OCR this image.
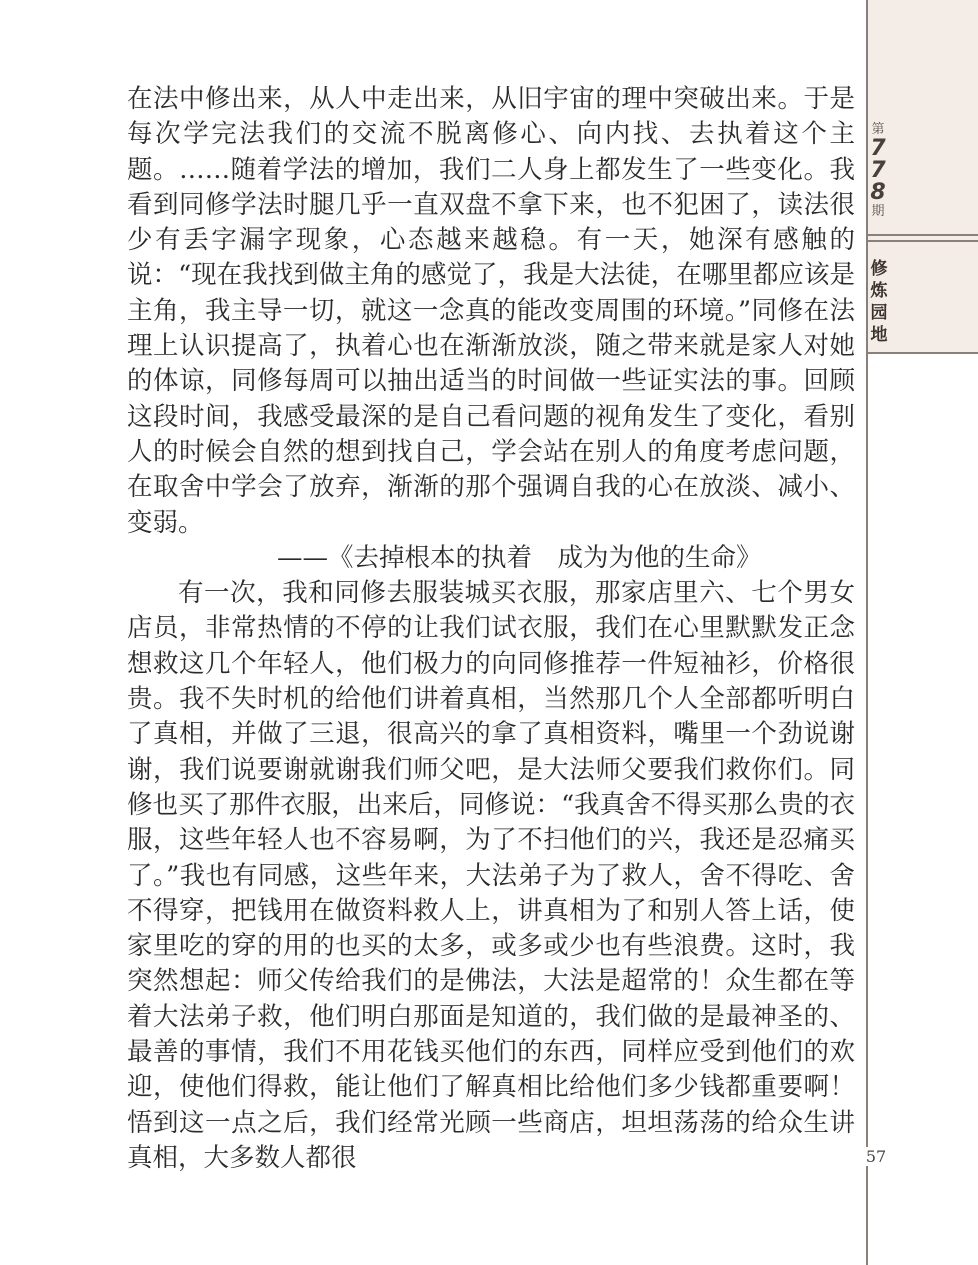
第
7
7
8
期
修
炼
园
地

在法中修出来，从人中走出来，从旧宇宙的理中突破出来。于是每次学完法我们的交流不脱离修心、向内找、去执着这个主题。……随着学法的增加，我们二人身上都发生了一些变化。我看到同修学法时腿几乎一直双盘不拿下来，也不犯困了，读法很少有丢字漏字现象，心态越来越稳。有一天，她深有感触的说：“现在我找到做主角的感觉了，我是大法徒，在哪里都应该是主角，我主导一切，就这一念真的能改变周围的环境。”同修在法理上认识提高了，执着心也在渐渐放淡，随之带来就是家人对她的体谅，同修每周可以抽出适当的时间做一些证实法的事。回顾这段时间，我感受最深的是自己看问题的视角发生了变化，看别人的时候会自然的想到找自己，学会站在别人的角度考虑问题，在取舍中学会了放弃，渐渐的那个强调自我的心在放淡、减小、变弱。

——《去掉根本的执着　成为为他的生命》

有一次，我和同修去服装城买衣服，那家店里六、七个男女店员，非常热情的不停的让我们试衣服，我们在心里默默发正念想救这几个年轻人，他们极力的向同修推荐一件短袖衫，价格很贵。我不失时机的给他们讲着真相，当然那几个人全部都听明白了真相，并做了三退，很高兴的拿了真相资料，嘴里一个劲说谢谢，我们说要谢就谢我们师父吧，是大法师父要我们救你们。同修也买了那件衣服，出来后，同修说：“我真舍不得买那么贵的衣服，这些年轻人也不容易啊，为了不扫他们的兴，我还是忍痛买了。”我也有同感，这些年来，大法弟子为了救人，舍不得吃、舍不得穿，把钱用在做资料救人上，讲真相为了和别人答上话，使家里吃的穿的用的也买的太多，或多或少也有些浪费。这时，我突然想起：师父传给我们的是佛法，大法是超常的！众生都在等着大法弟子救，他们明白那面是知道的，我们做的是最神圣的、最善的事情，我们不用花钱买他们的东西，同样应受到他们的欢迎，使他们得救，能让他们了解真相比给他们多少钱都重要啊！悟到这一点之后，我们经常光顾一些商店，坦坦荡荡的给众生讲真相，大多数人都很	57
